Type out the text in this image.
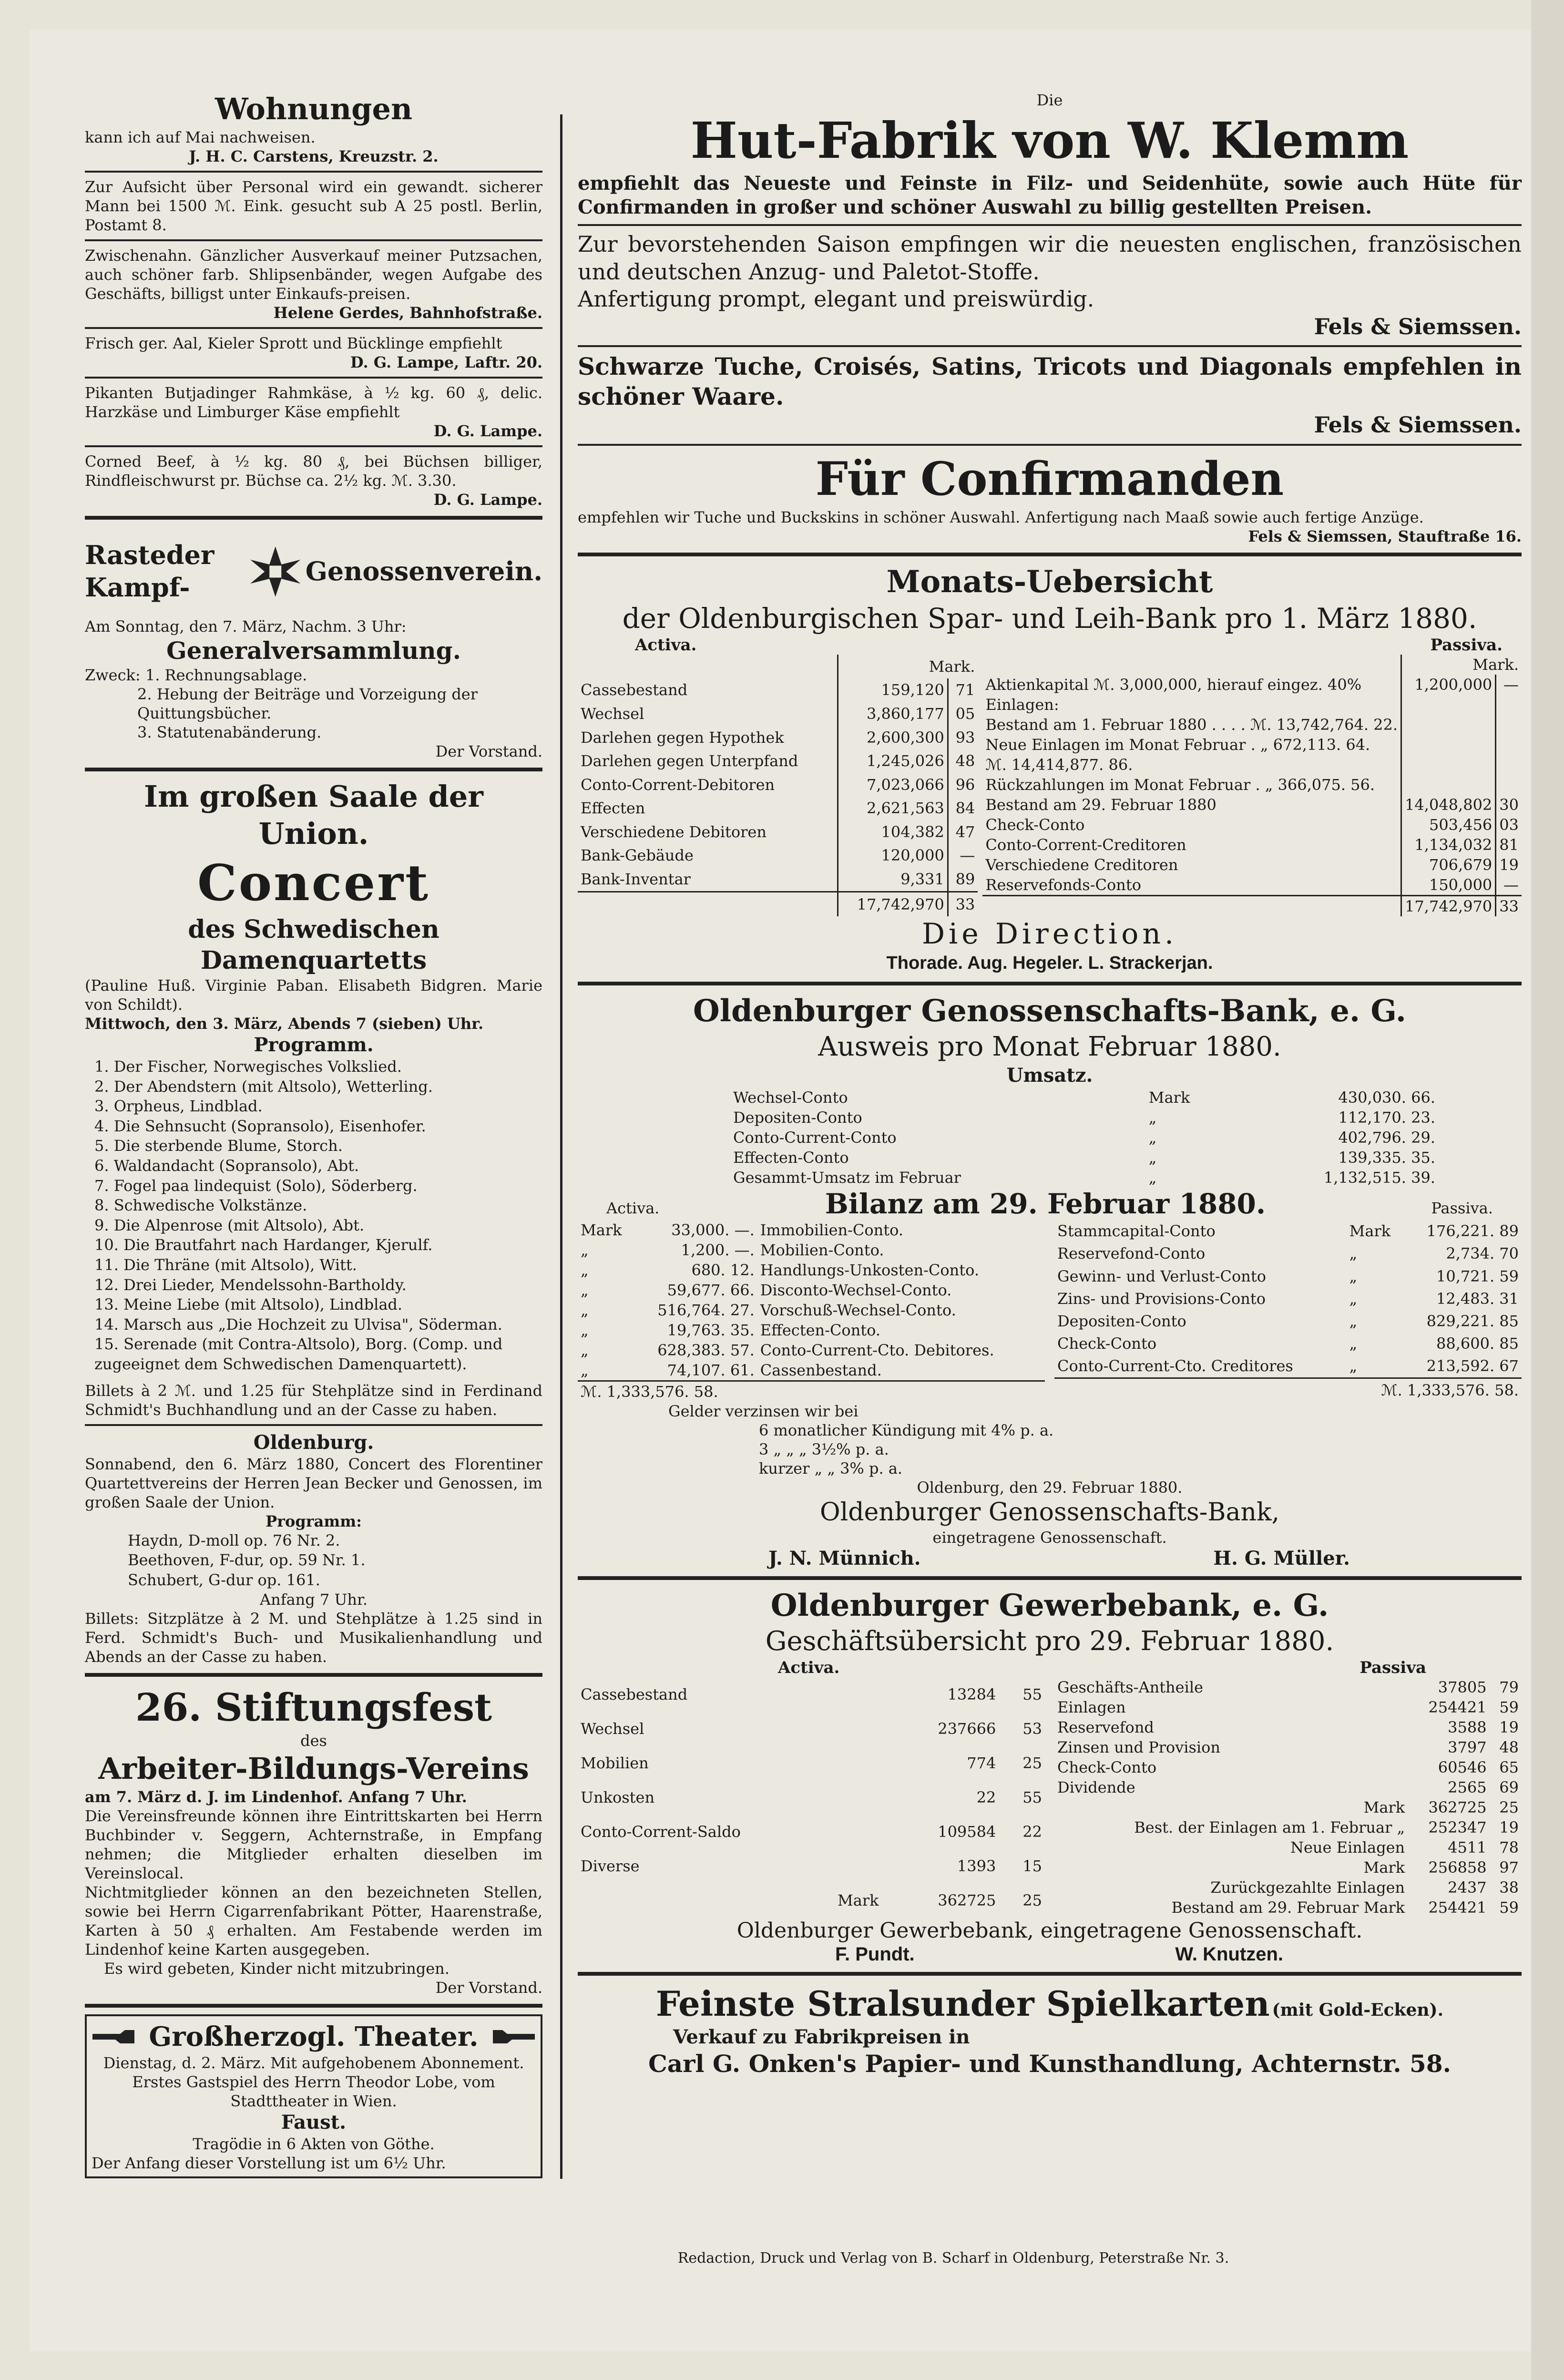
Wohnungen

kann ich auf Mai nachweisen.

J. H. C. Carstens, Kreuzstr. 2.

Zur Aufsicht über Personal wird ein gewandt. sicherer Mann bei 1500 ℳ. Eink. gesucht sub A 25 postl. Berlin, Postamt 8.

Zwischenahn. Gänzlicher Ausverkauf meiner Putzsachen, auch schöner farb. Shlipsenbänder, wegen Aufgabe des Geschäfts, billigst unter Einkaufs-preisen.

Helene Gerdes, Bahnhofstraße.

Frisch ger. Aal, Kieler Sprott und Bücklinge empfiehlt

D. G. Lampe, Laftr. 20.

Pikanten Butjadinger Rahmkäse, à ½ kg. 60 ₰, delic. Harzkäse und Limburger Käse empfiehlt

D. G. Lampe.

Corned Beef, à ½ kg. 80 ₰, bei Büchsen billiger, Rindfleischwurst pr. Büchse ca. 2½ kg. ℳ. 3.30.

D. G. Lampe.

Rasteder Kampf-
Genossenverein.

Am Sonntag, den 7. März, Nachm. 3 Uhr:

Generalversammlung.

Zweck: 1. Rechnungsablage.

2. Hebung der Beiträge und Vorzeigung der Quittungsbücher.

3. Statutenabänderung.

Der Vorstand.

Im großen Saale der Union.

Concert

des Schwedischen Damenquartetts

(Pauline Huß. Virginie Paban. Elisabeth Bidgren. Marie von Schildt).

Mittwoch, den 3. März, Abends 7 (sieben) Uhr.

Programm.

1. Der Fischer, Norwegisches Volkslied.
2. Der Abendstern (mit Altsolo), Wetterling.
3. Orpheus, Lindblad.
4. Die Sehnsucht (Sopransolo), Eisenhofer.
5. Die sterbende Blume, Storch.
6. Waldandacht (Sopransolo), Abt.
7. Fogel paa lindequist (Solo), Söderberg.
8. Schwedische Volkstänze.
9. Die Alpenrose (mit Altsolo), Abt.
10. Die Brautfahrt nach Hardanger, Kjerulf.
11. Die Thräne (mit Altsolo), Witt.
12. Drei Lieder, Mendelssohn-Bartholdy.
13. Meine Liebe (mit Altsolo), Lindblad.
14. Marsch aus „Die Hochzeit zu Ulvisa", Söderman.
15. Serenade (mit Contra-Altsolo), Borg. (Comp. und zugeeignet dem Schwedischen Damenquartett).

Billets à 2 ℳ. und 1.25 für Stehplätze sind in Ferdinand Schmidt's Buchhandlung und an der Casse zu haben.

Oldenburg.

Sonnabend, den 6. März 1880, Concert des Florentiner Quartettvereins der Herren Jean Becker und Genossen, im großen Saale der Union.

Programm:

Haydn, D-moll op. 76 Nr. 2.
Beethoven, F-dur, op. 59 Nr. 1.
Schubert, G-dur op. 161.

Anfang 7 Uhr.

Billets: Sitzplätze à 2 M. und Stehplätze à 1.25 sind in Ferd. Schmidt's Buch- und Musikalienhandlung und Abends an der Casse zu haben.

26. Stiftungsfest

des

Arbeiter-Bildungs-Vereins

am 7. März d. J. im Lindenhof. Anfang 7 Uhr.

Die Vereinsfreunde können ihre Eintrittskarten bei Herrn Buchbinder v. Seggern, Achternstraße, in Empfang nehmen; die Mitglieder erhalten dieselben im Vereinslocal.

Nichtmitglieder können an den bezeichneten Stellen, sowie bei Herrn Cigarrenfabrikant Pötter, Haarenstraße, Karten à 50 ₰ erhalten. Am Festabende werden im Lindenhof keine Karten ausgegeben.

Es wird gebeten, Kinder nicht mitzubringen.

Der Vorstand.

Großherzogl. Theater.

Dienstag, d. 2. März. Mit aufgehobenem Abonnement.

Erstes Gastspiel des Herrn Theodor Lobe, vom Stadttheater in Wien.

Faust.

Tragödie in 6 Akten von Göthe.

Der Anfang dieser Vorstellung ist um 6½ Uhr.

Die

Hut-Fabrik von W. Klemm

empfiehlt das Neueste und Feinste in Filz- und Seidenhüte, sowie auch Hüte für Confirmanden in großer und schöner Auswahl zu billig gestellten Preisen.

Zur bevorstehenden Saison empfingen wir die neuesten englischen, französischen und deutschen Anzug- und Paletot-Stoffe.

Anfertigung prompt, elegant und preiswürdig.

Fels & Siemssen.

Schwarze Tuche, Croisés, Satins, Tricots und Diagonals empfehlen in schöner Waare.

Fels & Siemssen.

Für Confirmanden

empfehlen wir Tuche und Buckskins in schöner Auswahl. Anfertigung nach Maaß sowie auch fertige Anzüge.

Fels & Siemssen, Stauftraße 16.

Monats-Uebersicht

der Oldenburgischen Spar- und Leih-Bank pro 1. März 1880.

Activa.	Passiva.
	Mark.	
Cassebestand	159,120	71
Wechsel	3,860,177	05
Darlehen gegen Hypothek	2,600,300	93
Darlehen gegen Unterpfand	1,245,026	48
Conto-Corrent-Debitoren	7,023,066	96
Effecten	2,621,563	84
Verschiedene Debitoren	104,382	47
Bank-Gebäude	120,000	—
Bank-Inventar	9,331	89
	17,742,970	33
	Mark.	
Aktienkapital ℳ. 3,000,000, hierauf eingez. 40%	1,200,000	—
Einlagen:		
Bestand am 1. Februar 1880 . . . . ℳ. 13,742,764. 22.		
Neue Einlagen im Monat Februar . „ 672,113. 64.		
ℳ. 14,414,877. 86.		
Rückzahlungen im Monat Februar . „ 366,075. 56.		
Bestand am 29. Februar 1880	14,048,802	30
Check-Conto	503,456	03
Conto-Corrent-Creditoren	1,134,032	81
Verschiedene Creditoren	706,679	19
Reservefonds-Conto	150,000	—
	17,742,970	33

Die Direction.

Thorade. Aug. Hegeler. L. Strackerjan.

Oldenburger Genossenschafts-Bank, e. G.

Ausweis pro Monat Februar 1880.

Umsatz.

Wechsel-Conto	Mark	430,030. 66.
Depositen-Conto	„	112,170. 23.
Conto-Current-Conto	„	402,796. 29.
Effecten-Conto	„	139,335. 35.
Gesammt-Umsatz im Februar	„	1,132,515. 39.
Activa.	Bilanz am 29. Februar 1880.	Passiva.
Mark	33,000. —.	Immobilien-Conto.
„	1,200. —.	Mobilien-Conto.
„	680. 12.	Handlungs-Unkosten-Conto.
„	59,677. 66.	Disconto-Wechsel-Conto.
„	516,764. 27.	Vorschuß-Wechsel-Conto.
„	19,763. 35.	Effecten-Conto.
„	628,383. 57.	Conto-Current-Cto. Debitores.
„	74,107. 61.	Cassenbestand.
ℳ. 1,333,576. 58.		
Stammcapital-Conto	Mark	176,221. 89
Reservefond-Conto	„	2,734. 70
Gewinn- und Verlust-Conto	„	10,721. 59
Zins- und Provisions-Conto	„	12,483. 31
Depositen-Conto	„	829,221. 85
Check-Conto	„	88,600. 85
Conto-Current-Cto. Creditores	„	213,592. 67
ℳ. 1,333,576. 58.		

Gelder verzinsen wir bei

6 monatlicher Kündigung mit 4% p. a.

3 „ „ „ 3½% p. a.

kurzer „ „ 3% p. a.

Oldenburg, den 29. Februar 1880.

Oldenburger Genossenschafts-Bank,

eingetragene Genossenschaft.

J. N. Münnich.	H. G. Müller.

Oldenburger Gewerbebank, e. G.

Geschäftsübersicht pro 29. Februar 1880.

Activa.	Passiva
Cassebestand	13284	55
Wechsel	237666	53
Mobilien	774	25
Unkosten	22	55
Conto-Corrent-Saldo	109584	22
Diverse	1393	15
Mark	362725	25
Geschäfts-Antheile	37805	79
Einlagen	254421	59
Reservefond	3588	19
Zinsen und Provision	3797	48
Check-Conto	60546	65
Dividende	2565	69
Mark	362725	25
Best. der Einlagen am 1. Februar „	252347	19
Neue Einlagen	4511	78
Mark	256858	97
Zurückgezahlte Einlagen	2437	38
Bestand am 29. Februar Mark	254421	59

Oldenburger Gewerbebank, eingetragene Genossenschaft.

F. Pundt.	W. Knutzen.

Feinste Stralsunder Spielkarten (mit Gold-Ecken).

Verkauf zu Fabrikpreisen in

Carl G. Onken's Papier- und Kunsthandlung, Achternstr. 58.

Redaction, Druck und Verlag von B. Scharf in Oldenburg, Peterstraße Nr. 3.
